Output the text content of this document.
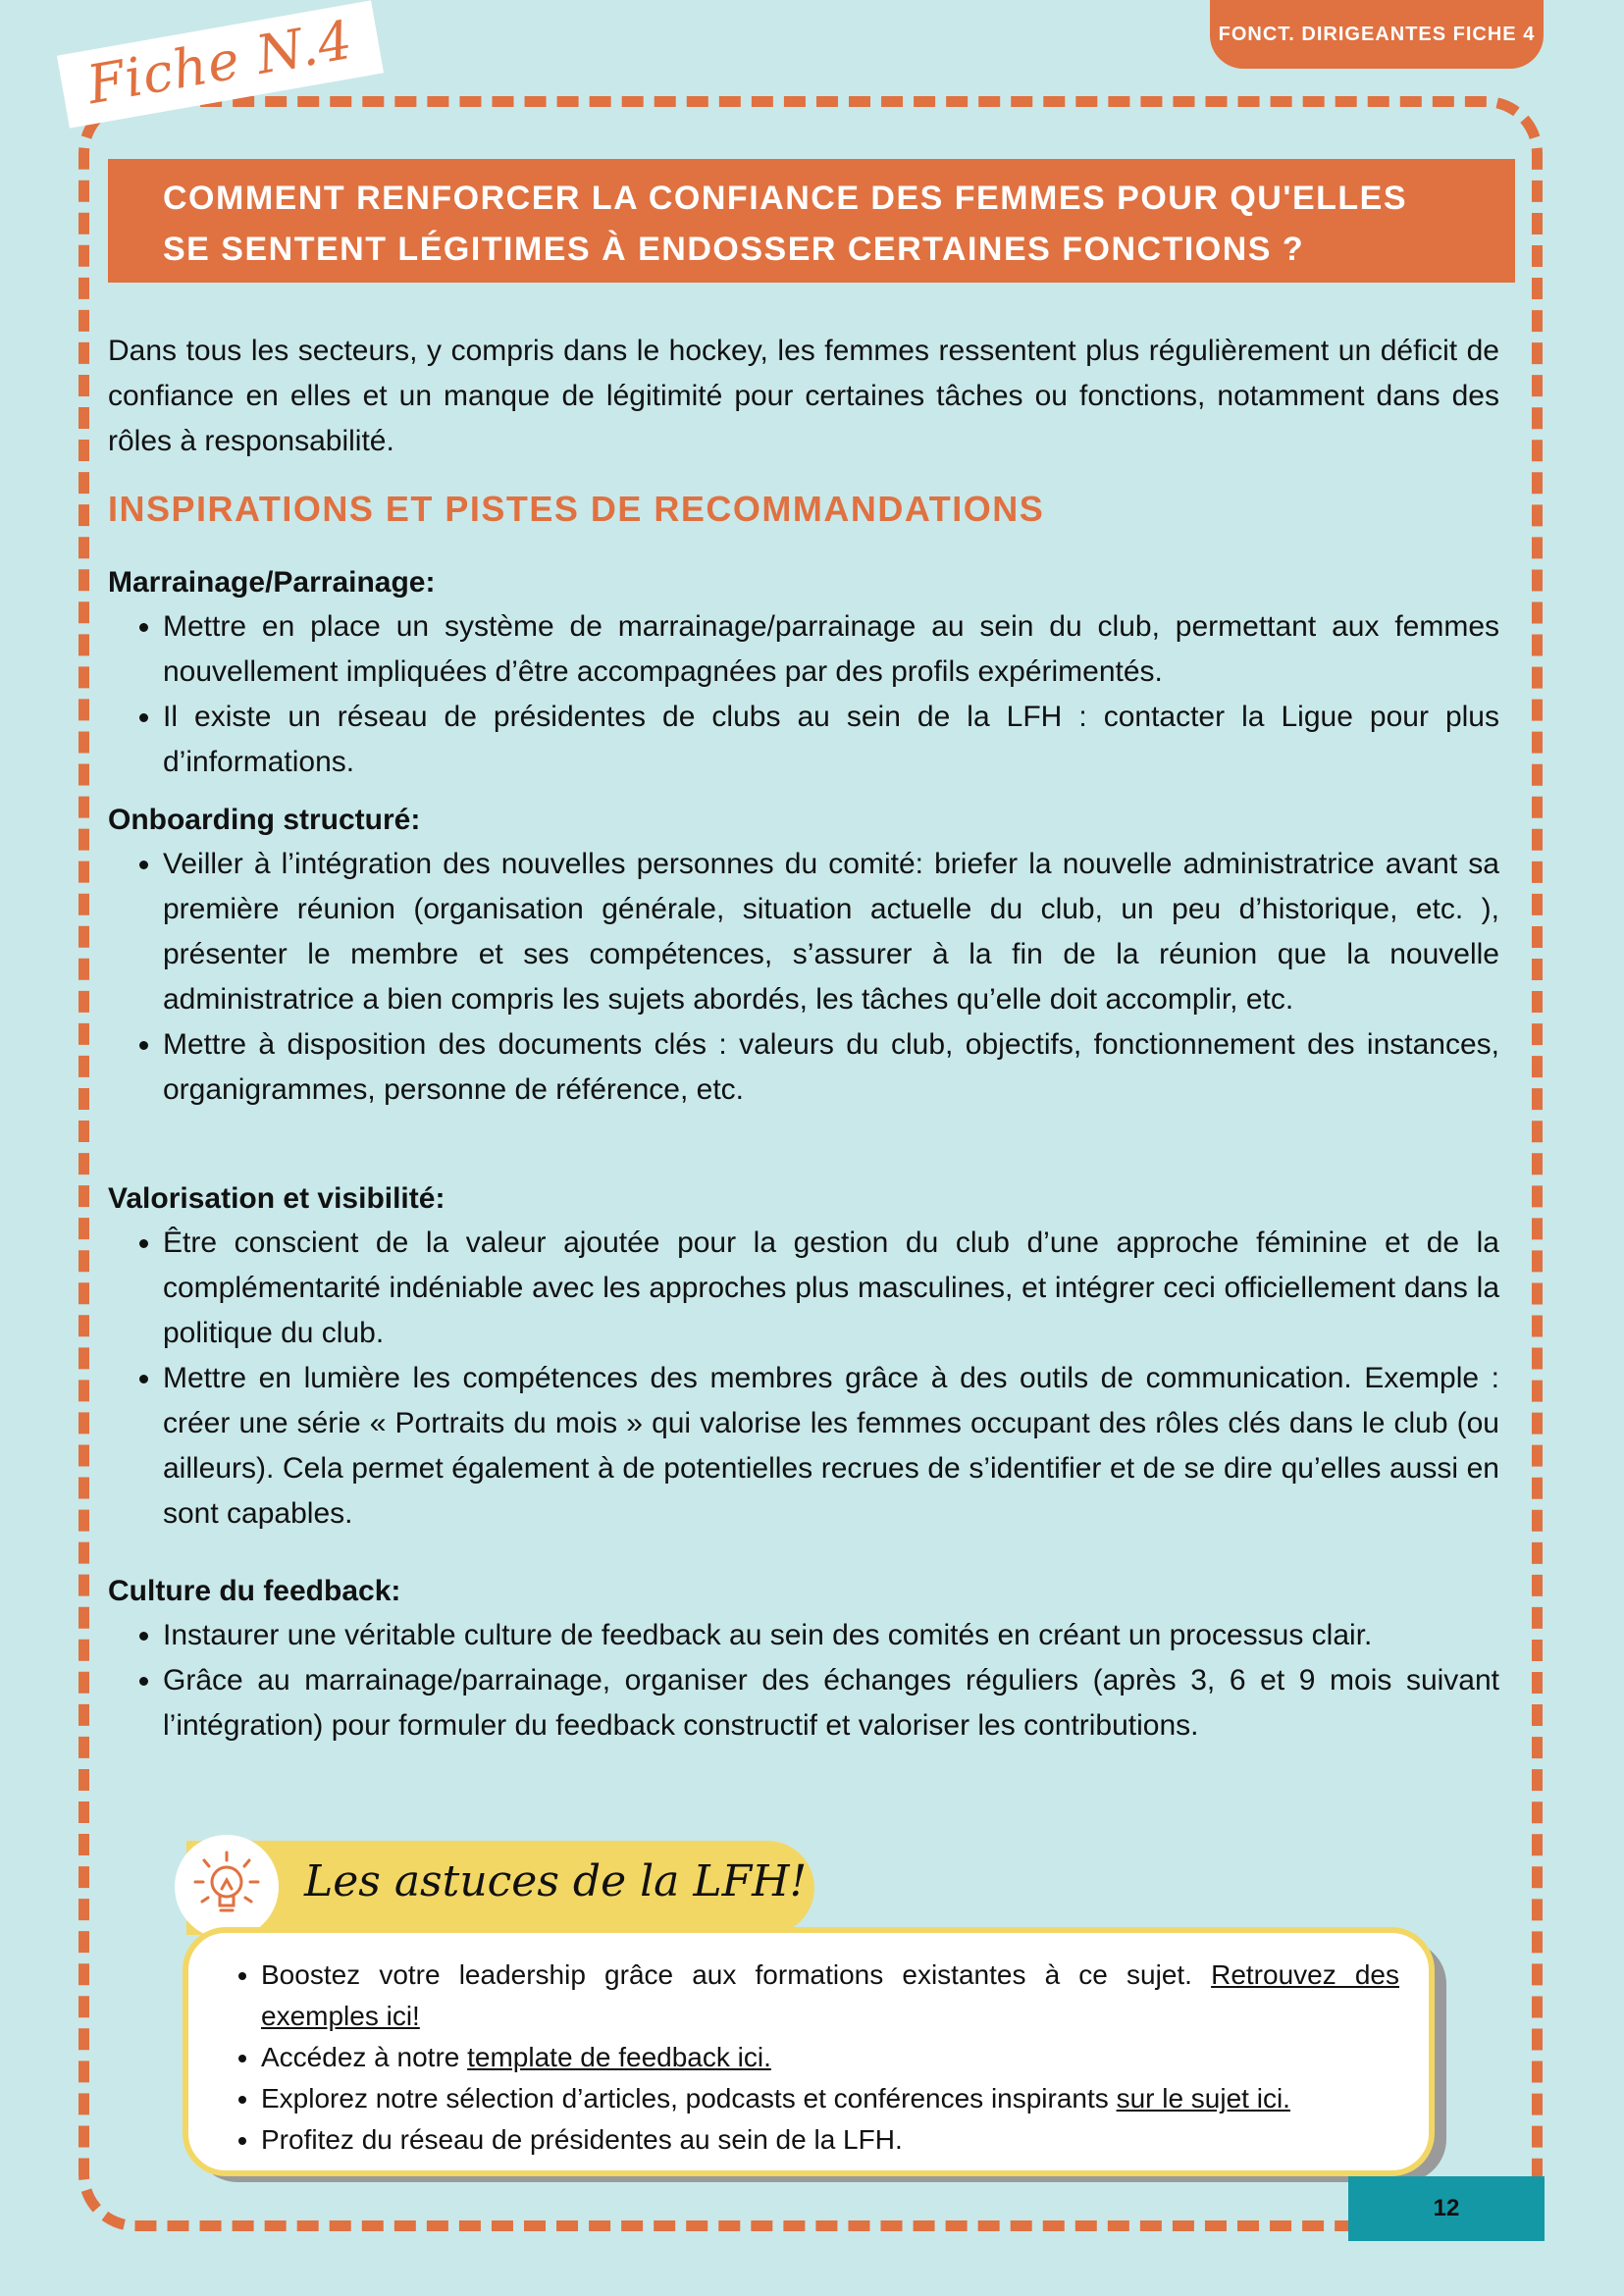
FONCT. DIRIGEANTES FICHE 4
Fiche N.4
COMMENT RENFORCER LA CONFIANCE DES FEMMES POUR QU'ELLES
SE SENTENT LÉGITIMES À ENDOSSER CERTAINES FONCTIONS ?

Dans tous les secteurs, y compris dans le hockey, les femmes ressentent plus régulièrement un déficit de confiance en elles et un manque de légitimité pour certaines tâches ou fonctions, notamment dans des rôles à responsabilité.

INSPIRATIONS ET PISTES DE RECOMMANDATIONS
Marrainage/Parrainage:
• Mettre en place un système de marrainage/parrainage au sein du club, permettant aux femmes nouvellement impliquées d’être accompagnées par des profils expérimentés.
• Il existe un réseau de présidentes de clubs au sein de la LFH : contacter la Ligue pour plus d’informations.
Onboarding structuré:
• Veiller à l’intégration des nouvelles personnes du comité: briefer la nouvelle administratrice avant sa première réunion (organisation générale, situation actuelle du club, un peu d’historique, etc. ), présenter le membre et ses compétences, s’assurer à la fin de la réunion que la nouvelle administratrice a bien compris les sujets abordés, les tâches qu’elle doit accomplir, etc.
• Mettre à disposition des documents clés : valeurs du club, objectifs, fonctionnement des instances, organigrammes, personne de référence, etc.
Valorisation et visibilité:
• Être conscient de la valeur ajoutée pour la gestion du club d’une approche féminine et de la complémentarité indéniable avec les approches plus masculines, et intégrer ceci officiellement dans la politique du club.
• Mettre en lumière les compétences des membres grâce à des outils de communication. Exemple : créer une série « Portraits du mois » qui valorise les femmes occupant des rôles clés dans le club (ou ailleurs). Cela permet également à de potentielles recrues de s’identifier et de se dire qu’elles aussi en sont capables.
Culture du feedback:
• Instaurer une véritable culture de feedback au sein des comités en créant un processus clair.
• Grâce au marrainage/parrainage, organiser des échanges réguliers (après 3, 6 et 9 mois suivant l’intégration) pour formuler du feedback constructif et valoriser les contributions.
Les astuces de la LFH!
• Boostez votre leadership grâce aux formations existantes à ce sujet. Retrouvez des exemples ici!
• Accédez à notre template de feedback ici.
• Explorez notre sélection d’articles, podcasts et conférences inspirants sur le sujet ici.
• Profitez du réseau de présidentes au sein de la LFH.
12
